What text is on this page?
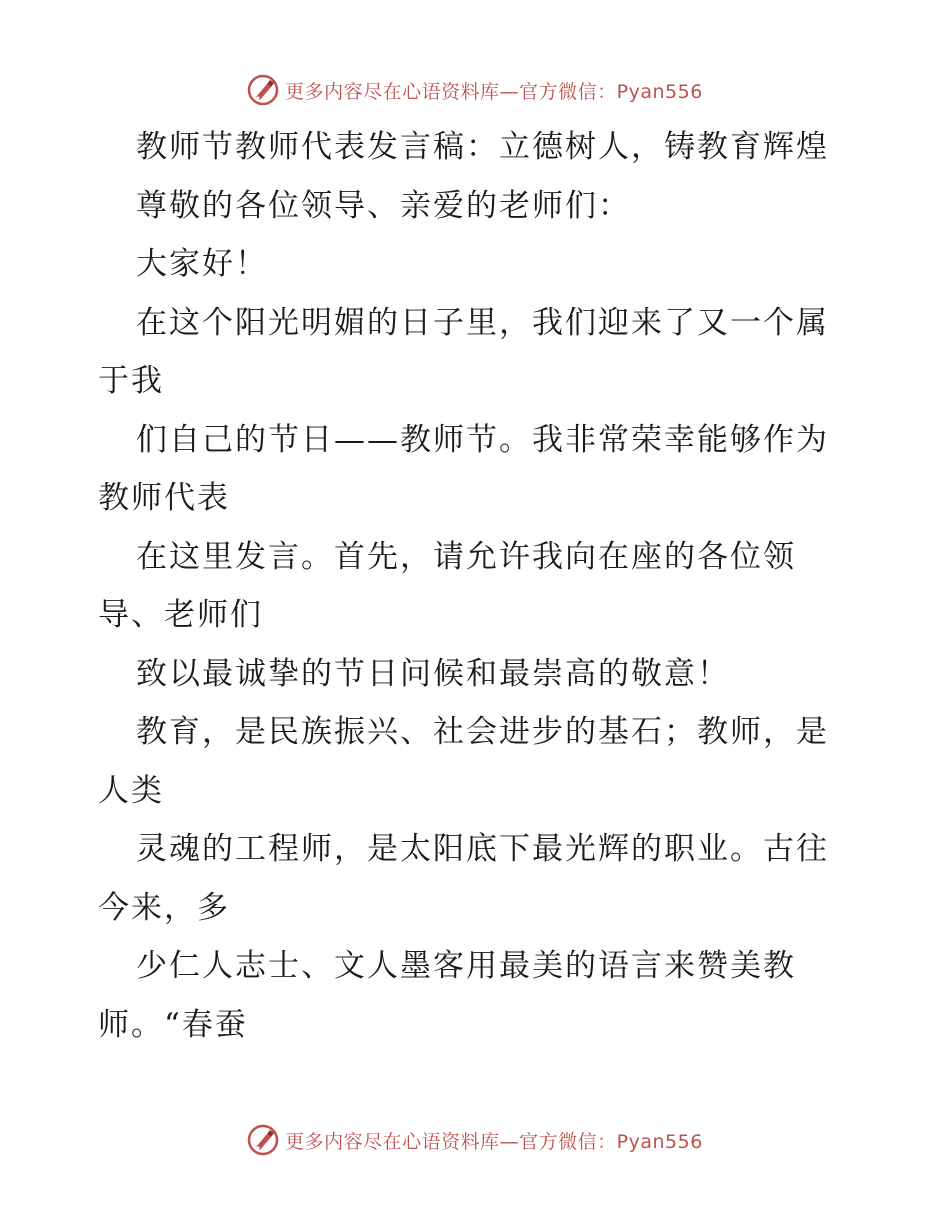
更多内容尽在心语资料库—官方微信：Pyan556
教师节教师代表发言稿：立德树人，铸教育辉煌
尊敬的各位领导、亲爱的老师们：
大家好！
在这个阳光明媚的日子里，我们迎来了又一个属
于我
们自己的节日——教师节。我非常荣幸能够作为
教师代表
在这里发言。首先，请允许我向在座的各位领
导、老师们
致以最诚挚的节日问候和最崇高的敬意！
教育，是民族振兴、社会进步的基石；教师，是
人类
灵魂的工程师，是太阳底下最光辉的职业。古往
今来，多
少仁人志士、文人墨客用最美的语言来赞美教
师。“春蚕
更多内容尽在心语资料库—官方微信：Pyan556
